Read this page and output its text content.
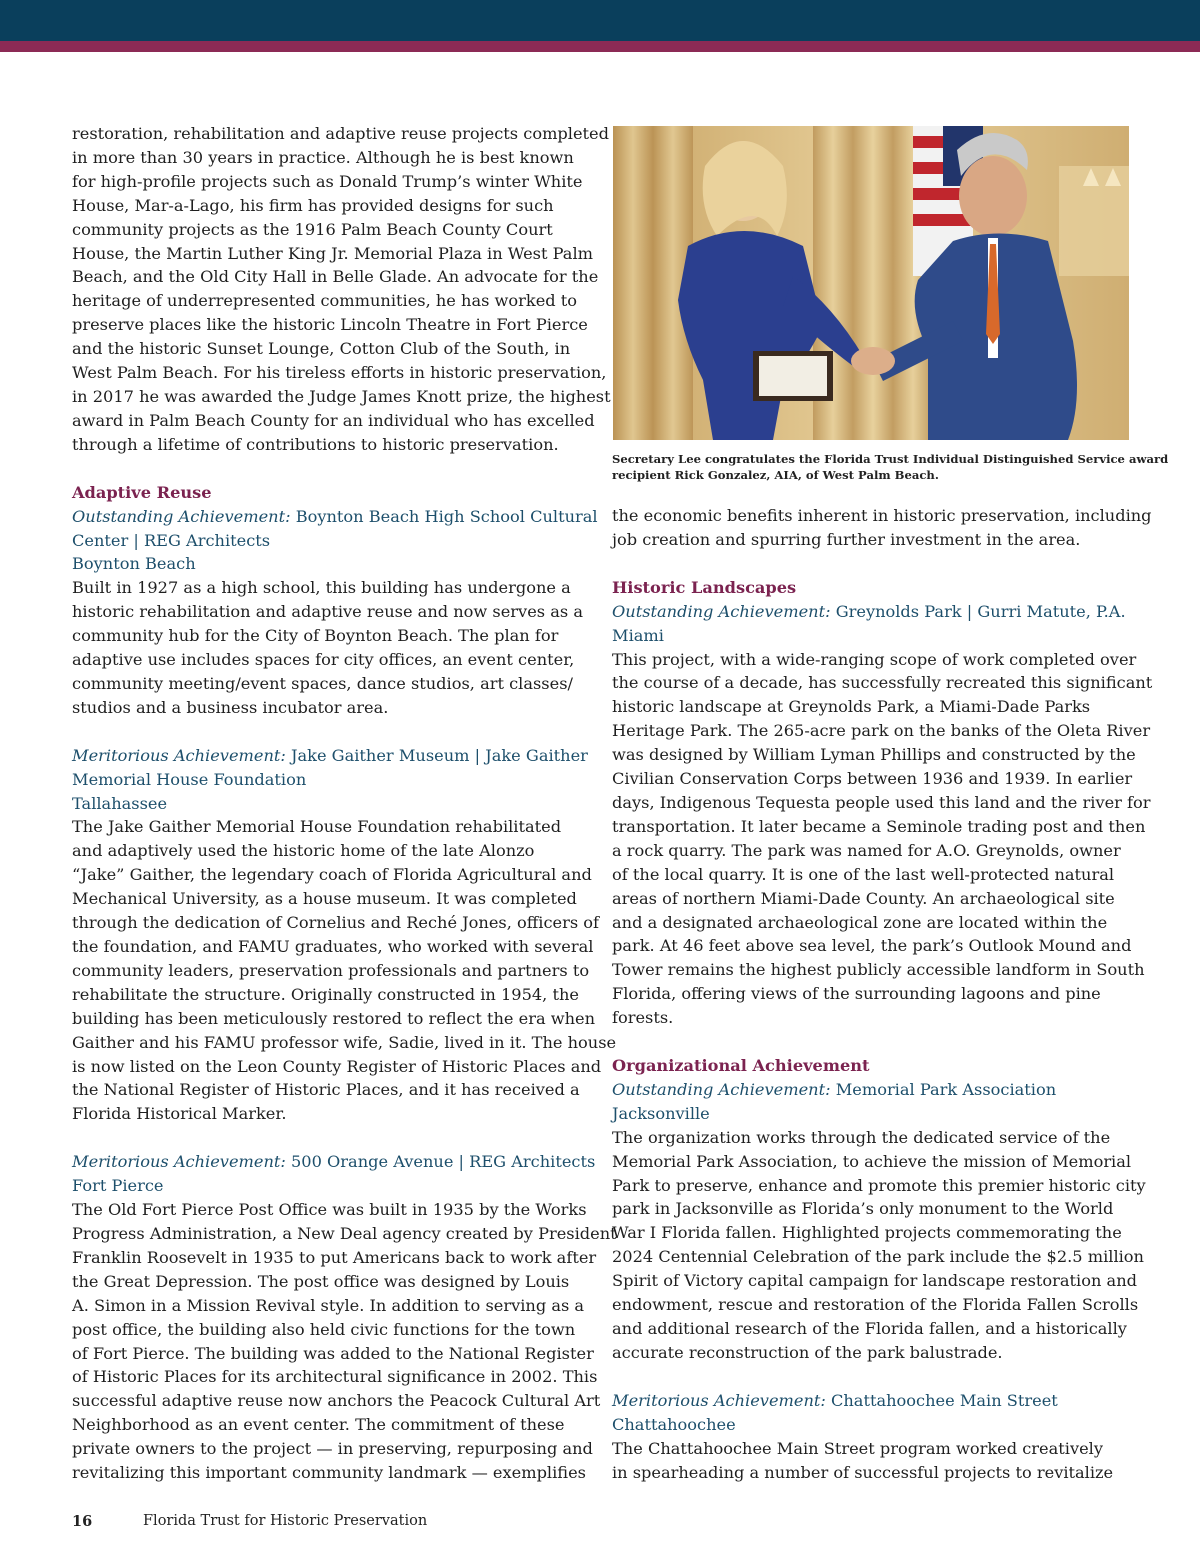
restoration, rehabilitation and adaptive reuse projects completed
in more than 30 years in practice. Although he is best known
for high-profile projects such as Donald Trump’s winter White
House, Mar-a-Lago, his firm has provided designs for such
community projects as the 1916 Palm Beach County Court
House, the Martin Luther King Jr. Memorial Plaza in West Palm
Beach, and the Old City Hall in Belle Glade. An advocate for the
heritage of underrepresented communities, he has worked to
preserve places like the historic Lincoln Theatre in Fort Pierce
and the historic Sunset Lounge, Cotton Club of the South, in
West Palm Beach. For his tireless efforts in historic preservation,
in 2017 he was awarded the Judge James Knott prize, the highest
award in Palm Beach County for an individual who has excelled
through a lifetime of contributions to historic preservation.
Adaptive Reuse
Outstanding Achievement: Boynton Beach High School Cultural
Center | REG Architects
Boynton Beach
Built in 1927 as a high school, this building has undergone a
historic rehabilitation and adaptive reuse and now serves as a
community hub for the City of Boynton Beach. The plan for
adaptive use includes spaces for city offices, an event center,
community meeting/event spaces, dance studios, art classes/
studios and a business incubator area.
Meritorious Achievement: Jake Gaither Museum | Jake Gaither
Memorial House Foundation
Tallahassee
The Jake Gaither Memorial House Foundation rehabilitated
and adaptively used the historic home of the late Alonzo
“Jake” Gaither, the legendary coach of Florida Agricultural and
Mechanical University, as a house museum. It was completed
through the dedication of Cornelius and Reché Jones, officers of
the foundation, and FAMU graduates, who worked with several
community leaders, preservation professionals and partners to
rehabilitate the structure. Originally constructed in 1954, the
building has been meticulously restored to reflect the era when
Gaither and his FAMU professor wife, Sadie, lived in it. The house
is now listed on the Leon County Register of Historic Places and
the National Register of Historic Places, and it has received a
Florida Historical Marker.
Meritorious Achievement: 500 Orange Avenue | REG Architects
Fort Pierce
The Old Fort Pierce Post Office was built in 1935 by the Works
Progress Administration, a New Deal agency created by President
Franklin Roosevelt in 1935 to put Americans back to work after
the Great Depression. The post office was designed by Louis
A. Simon in a Mission Revival style. In addition to serving as a
post office, the building also held civic functions for the town
of Fort Pierce. The building was added to the National Register
of Historic Places for its architectural significance in 2002. This
successful adaptive reuse now anchors the Peacock Cultural Art
Neighborhood as an event center. The commitment of these
private owners to the project — in preserving, repurposing and
revitalizing this important community landmark — exemplifies
Secretary Lee congratulates the Florida Trust Individual Distinguished Service award
recipient Rick Gonzalez, AIA, of West Palm Beach.
the economic benefits inherent in historic preservation, including
job creation and spurring further investment in the area.
Historic Landscapes
Outstanding Achievement: Greynolds Park | Gurri Matute, P.A.
Miami
This project, with a wide-ranging scope of work completed over
the course of a decade, has successfully recreated this significant
historic landscape at Greynolds Park, a Miami-Dade Parks
Heritage Park. The 265-acre park on the banks of the Oleta River
was designed by William Lyman Phillips and constructed by the
Civilian Conservation Corps between 1936 and 1939. In earlier
days, Indigenous Tequesta people used this land and the river for
transportation. It later became a Seminole trading post and then
a rock quarry. The park was named for A.O. Greynolds, owner
of the local quarry. It is one of the last well-protected natural
areas of northern Miami-Dade County. An archaeological site
and a designated archaeological zone are located within the
park. At 46 feet above sea level, the park’s Outlook Mound and
Tower remains the highest publicly accessible landform in South
Florida, offering views of the surrounding lagoons and pine
forests.
Organizational Achievement
Outstanding Achievement: Memorial Park Association
Jacksonville
The organization works through the dedicated service of the
Memorial Park Association, to achieve the mission of Memorial
Park to preserve, enhance and promote this premier historic city
park in Jacksonville as Florida’s only monument to the World
War I Florida fallen. Highlighted projects commemorating the
2024 Centennial Celebration of the park include the $2.5 million
Spirit of Victory capital campaign for landscape restoration and
endowment, rescue and restoration of the Florida Fallen Scrolls
and additional research of the Florida fallen, and a historically
accurate reconstruction of the park balustrade.
Meritorious Achievement: Chattahoochee Main Street
Chattahoochee
The Chattahoochee Main Street program worked creatively
in spearheading a number of successful projects to revitalize
16	Florida Trust for Historic Preservation
